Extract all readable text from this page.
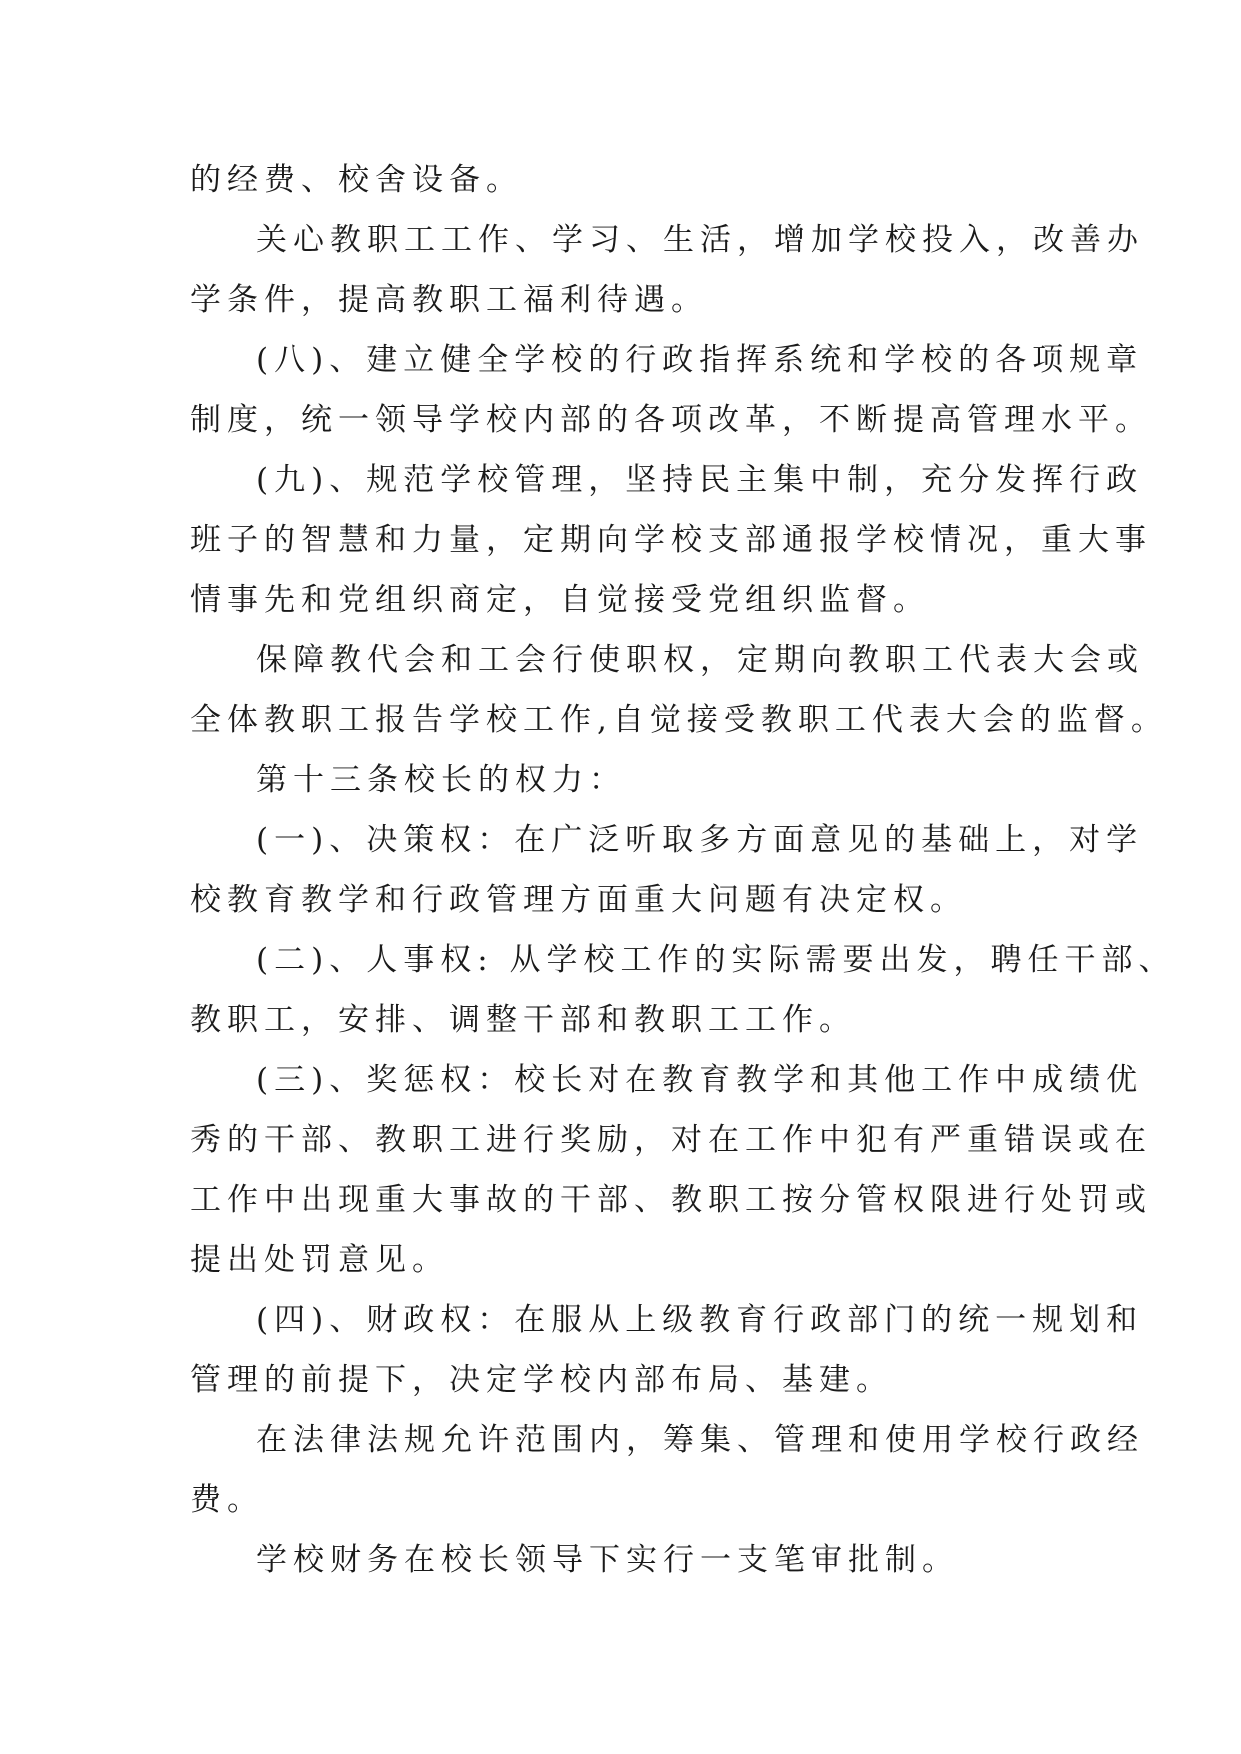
的经费、校舍设备。
关心教职工工作、学习、生活，增加学校投入，改善办
学条件，提高教职工福利待遇。
(八)、建立健全学校的行政指挥系统和学校的各项规章
制度，统一领导学校内部的各项改革，不断提高管理水平。
(九)、规范学校管理，坚持民主集中制，充分发挥行政
班子的智慧和力量，定期向学校支部通报学校情况，重大事
情事先和党组织商定，自觉接受党组织监督。
保障教代会和工会行使职权，定期向教职工代表大会或
全体教职工报告学校工作,自觉接受教职工代表大会的监督。
第十三条校长的权力：
(一)、决策权：在广泛听取多方面意见的基础上，对学
校教育教学和行政管理方面重大问题有决定权。
(二)、人事权: 从学校工作的实际需要出发，聘任干部、
教职工，安排、调整干部和教职工工作。
(三)、奖惩权：校长对在教育教学和其他工作中成绩优
秀的干部、教职工进行奖励，对在工作中犯有严重错误或在
工作中出现重大事故的干部、教职工按分管权限进行处罚或
提出处罚意见。
(四)、财政权：在服从上级教育行政部门的统一规划和
管理的前提下，决定学校内部布局、基建。
在法律法规允许范围内，筹集、管理和使用学校行政经
费。
学校财务在校长领导下实行一支笔审批制。
